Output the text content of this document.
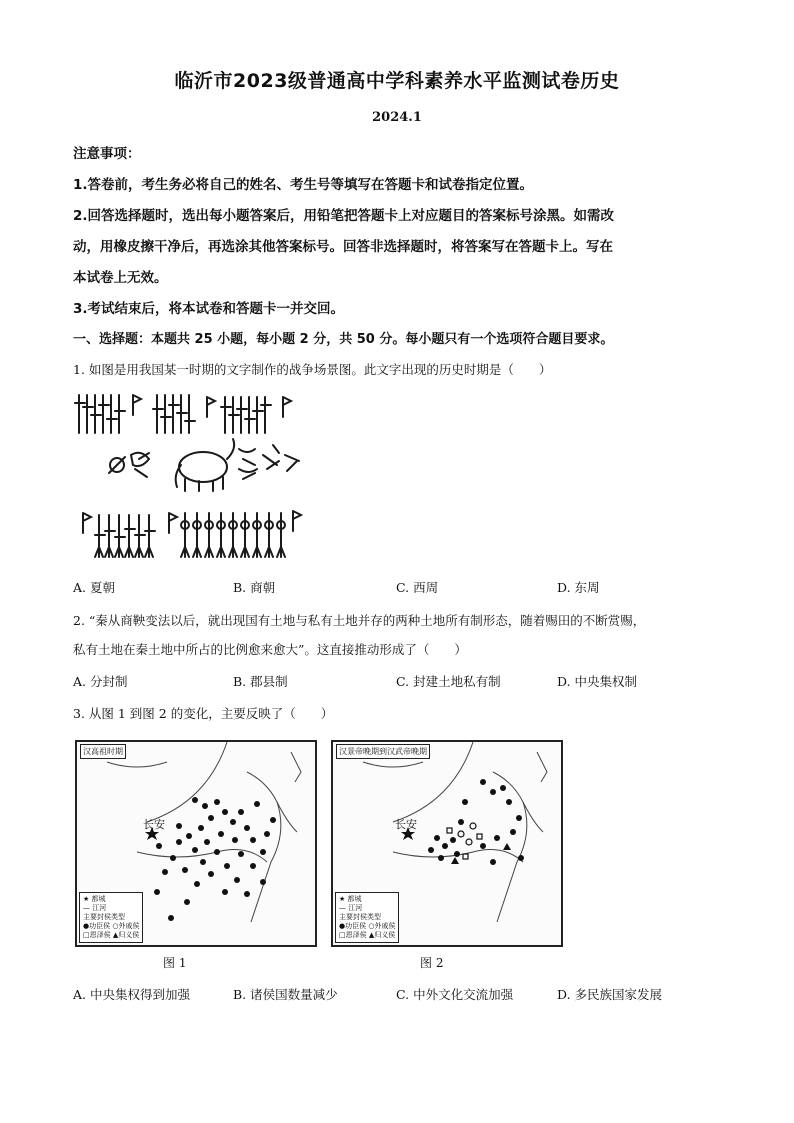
临沂市2023级普通高中学科素养水平监测试卷历史
2024.1
注意事项：
1.答卷前，考生务必将自己的姓名、考生号等填写在答题卡和试卷指定位置。
2.回答选择题时，选出每小题答案后，用铅笔把答题卡上对应题目的答案标号涂黑。如需改
动，用橡皮擦干净后，再选涂其他答案标号。回答非选择题时，将答案写在答题卡上。写在
本试卷上无效。
3.考试结束后，将本试卷和答题卡一并交回。
一、选择题：本题共 25 小题，每小题 2 分，共 50 分。每小题只有一个选项符合题目要求。
1. 如图是用我国某一时期的文字制作的战争场景图。此文字出现的历史时期是（　　）
A. 夏朝	B. 商朝	C. 西周	D. 东周
2. “秦从商鞅变法以后，就出现国有土地与私有土地并存的两种土地所有制形态，随着赐田的不断赏赐，
私有土地在秦土地中所占的比例愈来愈大”。这直接推动形成了（　　）
A. 分封制	B. 郡县制	C. 封建土地私有制	D. 中央集权制
3. 从图 1 到图 2 的变化，主要反映了（　　）
汉高祖时期
长安
★ 都城
— 江河
主要封侯类型
●功臣侯 ○外戚侯
□恩泽侯 ▲归义侯
图 1
汉景帝晚期到汉武帝晚期
长安
★ 都城
— 江河
主要封侯类型
●功臣侯 ○外戚侯
□恩泽侯 ▲归义侯
图 2
A. 中央集权得到加强	B. 诸侯国数量减少	C. 中外文化交流加强	D. 多民族国家发展
